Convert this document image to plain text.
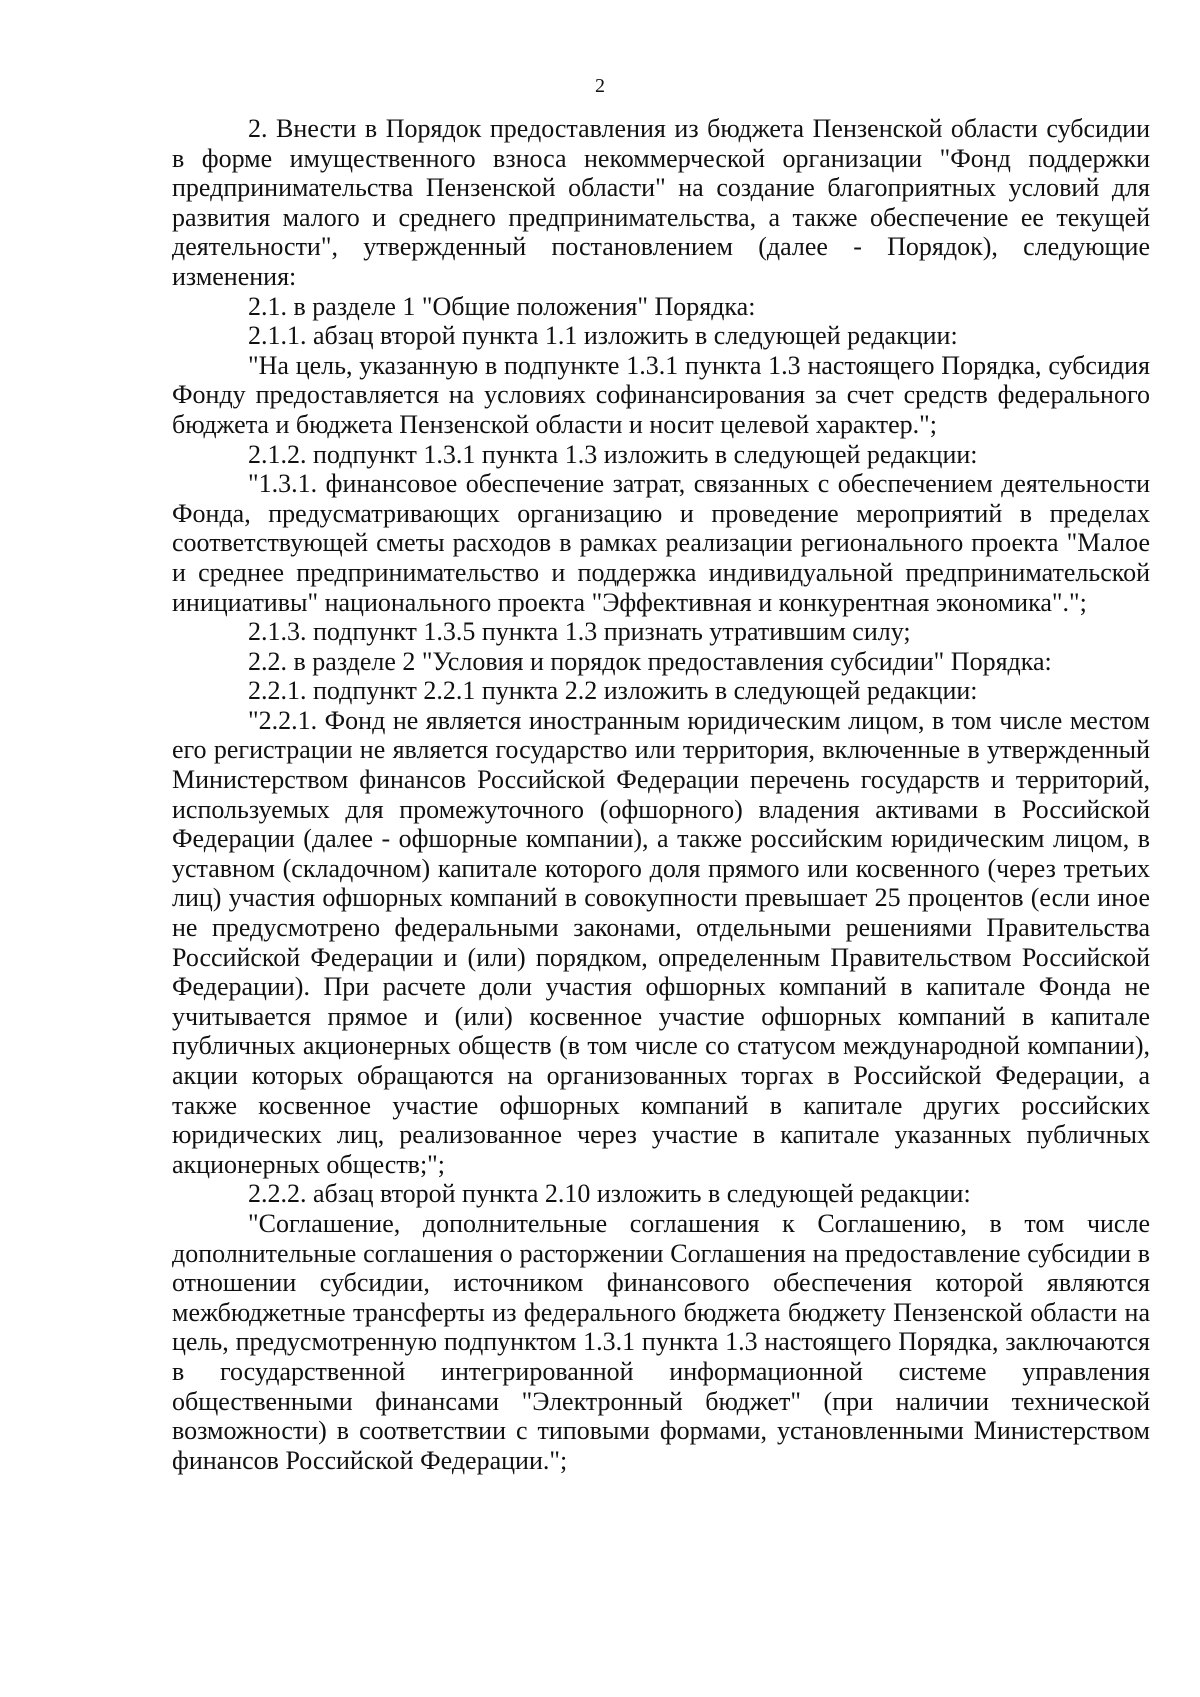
2

2. Внести в Порядок предоставления из бюджета Пензенской области субсидии в форме имущественного взноса некоммерческой организации "Фонд поддержки предпринимательства Пензенской области" на создание благоприятных условий для развития малого и среднего предпринимательства, а также обеспечение ее текущей деятельности", утвержденный постановлением (далее - Порядок), следующие изменения:

2.1. в разделе 1 "Общие положения" Порядка:

2.1.1. абзац второй пункта 1.1 изложить в следующей редакции:

"На цель, указанную в подпункте 1.3.1 пункта 1.3 настоящего Порядка, субсидия Фонду предоставляется на условиях софинансирования за счет средств федерального бюджета и бюджета Пензенской области и носит целевой характер.";

2.1.2. подпункт 1.3.1 пункта 1.3 изложить в следующей редакции:

"1.3.1. финансовое обеспечение затрат, связанных с обеспечением деятельности Фонда, предусматривающих организацию и проведение мероприятий в пределах соответствующей сметы расходов в рамках реализации регионального проекта "Малое и среднее предпринимательство и поддержка индивидуальной предпринимательской инициативы" национального проекта "Эффективная и конкурентная экономика".";

2.1.3. подпункт 1.3.5 пункта 1.3 признать утратившим силу;

2.2. в разделе 2 "Условия и порядок предоставления субсидии" Порядка:

2.2.1. подпункт 2.2.1 пункта 2.2 изложить в следующей редакции:

"2.2.1. Фонд не является иностранным юридическим лицом, в том числе местом его регистрации не является государство или территория, включенные в утвержденный Министерством финансов Российской Федерации перечень государств и территорий, используемых для промежуточного (офшорного) владения активами в Российской Федерации (далее - офшорные компании), а также российским юридическим лицом, в уставном (складочном) капитале которого доля прямого или косвенного (через третьих лиц) участия офшорных компаний в совокупности превышает 25 процентов (если иное не предусмотрено федеральными законами, отдельными решениями Правительства Российской Федерации и (или) порядком, определенным Правительством Российской Федерации). При расчете доли участия офшорных компаний в капитале Фонда не учитывается прямое и (или) косвенное участие офшорных компаний в капитале публичных акционерных обществ (в том числе со статусом международной компании), акции которых обращаются на организованных торгах в Российской Федерации, а также косвенное участие офшорных компаний в капитале других российских юридических лиц, реализованное через участие в капитале указанных публичных акционерных обществ;";

2.2.2. абзац второй пункта 2.10 изложить в следующей редакции:

"Соглашение, дополнительные соглашения к Соглашению, в том числе дополнительные соглашения о расторжении Соглашения на предоставление субсидии в отношении субсидии, источником финансового обеспечения которой являются межбюджетные трансферты из федерального бюджета бюджету Пензенской области на цель, предусмотренную подпунктом 1.3.1 пункта 1.3 настоящего Порядка, заключаются в государственной интегрированной информационной системе управления общественными финансами "Электронный бюджет" (при наличии технической возможности) в соответствии с типовыми формами, установленными Министерством финансов Российской Федерации.";
